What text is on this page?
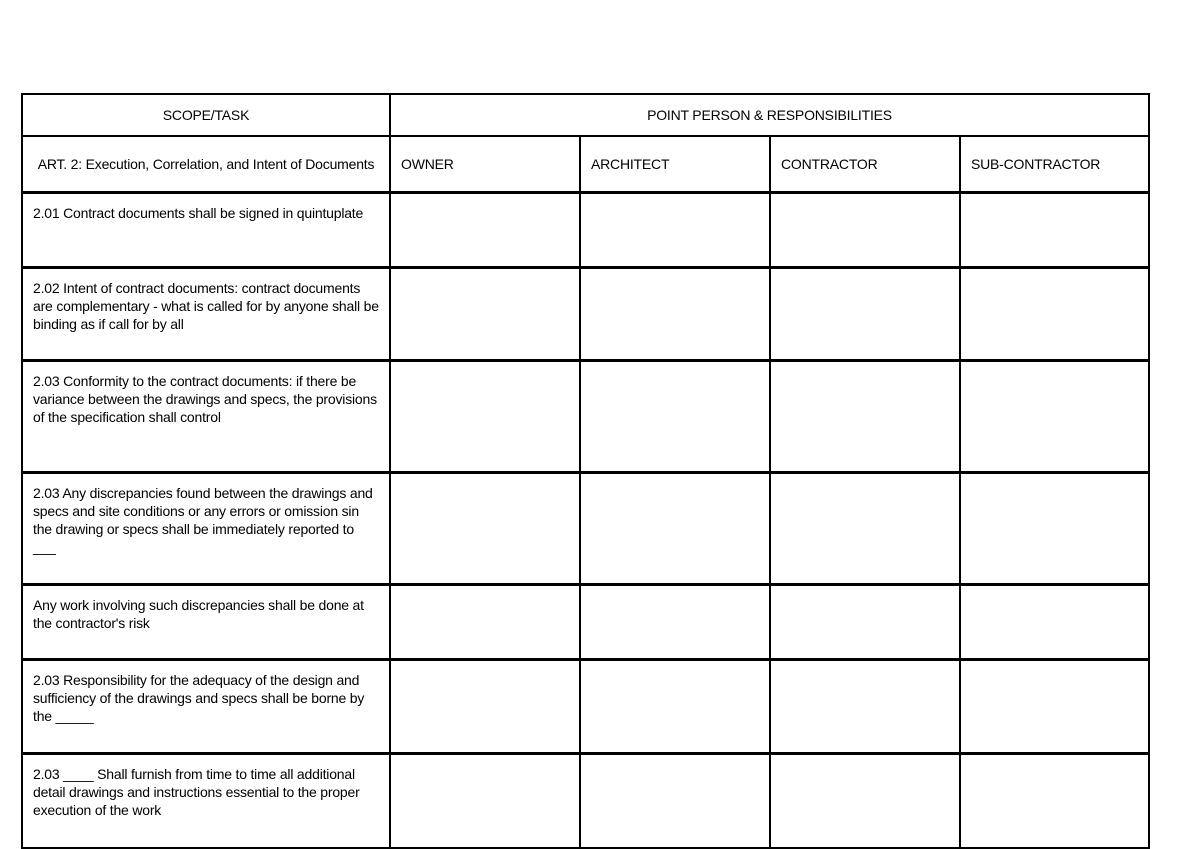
SCOPE/TASK	POINT PERSON & RESPONSIBILITIES			
ART. 2: Execution, Correlation, and Intent of Documents	OWNER	ARCHITECT	CONTRACTOR	SUB-CONTRACTOR
2.01 Contract documents shall be signed in quintuplate				
2.02 Intent of contract documents: contract documents are complementary - what is called for by anyone shall be binding as if call for by all				
2.03 Conformity to the contract documents: if there be variance between the drawings and specs, the provisions of the specification shall control				
2.03 Any discrepancies found between the drawings and specs and site conditions or any errors or omission sin the drawing or specs shall be immediately reported to ___				
Any work involving such discrepancies shall be done at the contractor's risk				
2.03 Responsibility for the adequacy of the design and sufficiency of the drawings and specs shall be borne by the _____				
2.03 ____ Shall furnish from time to time all additional detail drawings and instructions essential to the proper execution of the work				
